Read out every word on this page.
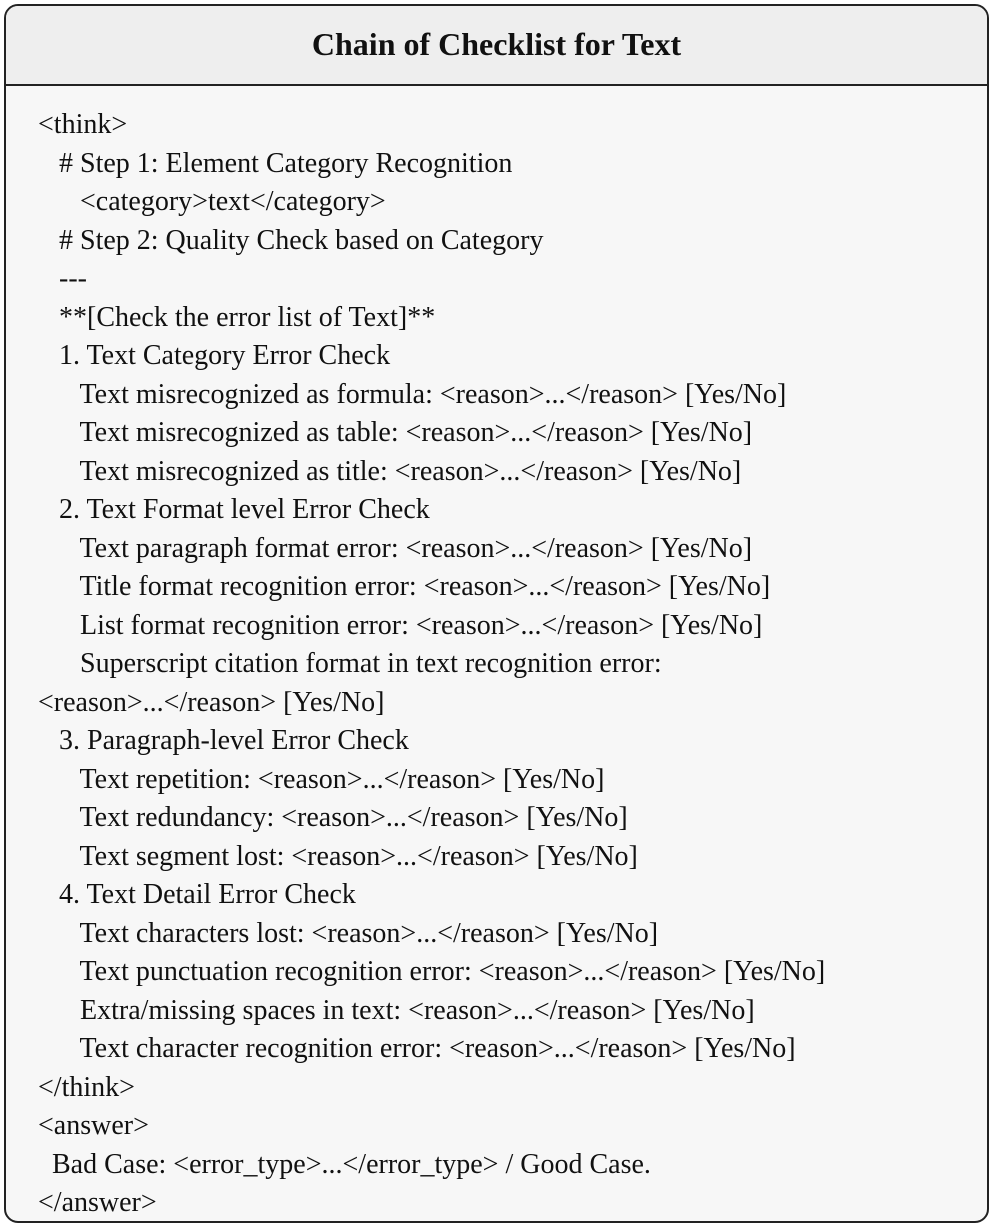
Chain of Checklist for Text
<think>
# Step 1: Element Category Recognition
<category>text</category>
# Step 2: Quality Check based on Category
---
**[Check the error list of Text]**
1. Text Category Error Check
Text misrecognized as formula: <reason>...</reason> [Yes/No]
Text misrecognized as table: <reason>...</reason> [Yes/No]
Text misrecognized as title: <reason>...</reason> [Yes/No]
2. Text Format level Error Check
Text paragraph format error: <reason>...</reason> [Yes/No]
Title format recognition error: <reason>...</reason> [Yes/No]
List format recognition error: <reason>...</reason> [Yes/No]
Superscript citation format in text recognition error:
<reason>...</reason> [Yes/No]
3. Paragraph-level Error Check
Text repetition: <reason>...</reason> [Yes/No]
Text redundancy: <reason>...</reason> [Yes/No]
Text segment lost: <reason>...</reason> [Yes/No]
4. Text Detail Error Check
Text characters lost: <reason>...</reason> [Yes/No]
Text punctuation recognition error: <reason>...</reason> [Yes/No]
Extra/missing spaces in text: <reason>...</reason> [Yes/No]
Text character recognition error: <reason>...</reason> [Yes/No]
</think>
<answer>
Bad Case: <error_type>...</error_type> / Good Case.
</answer>
